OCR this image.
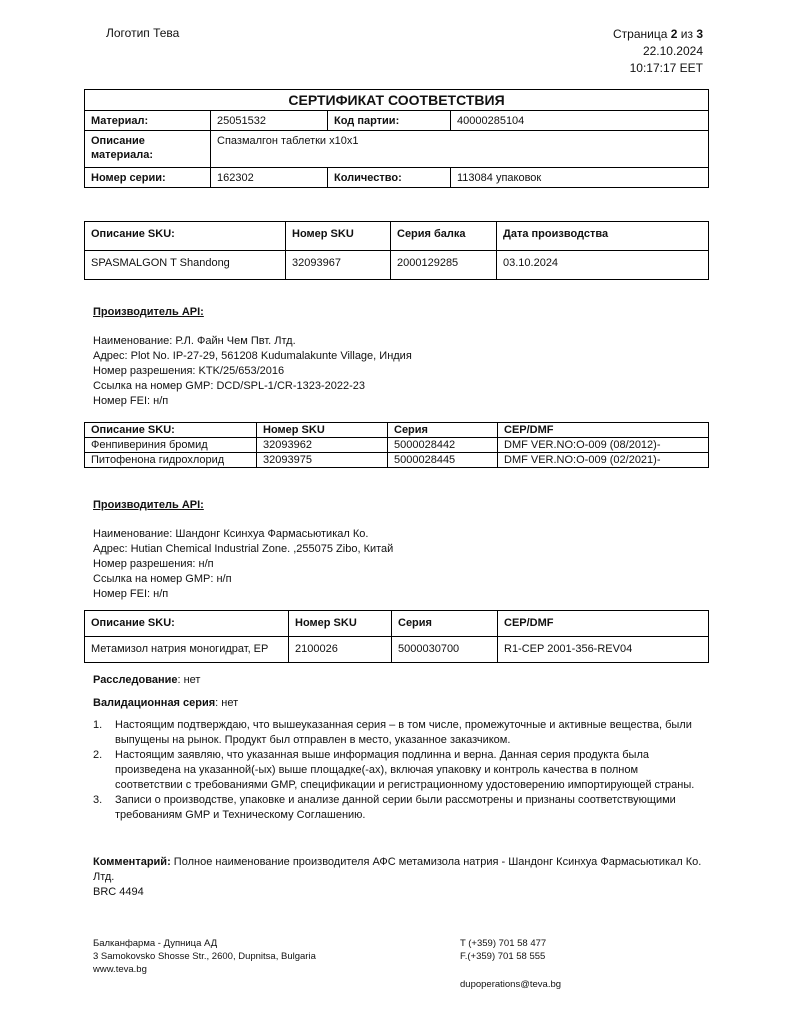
Логотип Тева	Страница 2 из 3
22.10.2024
10:17:17 EET
СЕРТИФИКАТ СООТВЕТСТВИЯ			
Материал:	25051532	Код партии:	40000285104
Описание материала:	Спазмалгон таблетки x10x1		
Номер серии:	162302	Количество:	113084 упаковок
Описание SKU:	Номер SKU	Серия балка	Дата производства
SPASMALGON T Shandong	32093967	2000129285	03.10.2024
Производитель API:
Наименование: Р.Л. Файн Чем Пвт. Лтд.
Адрес: Plot No. IP-27-29, 561208 Kudumalakunte Village, Индия
Номер разрешения: KTK/25/653/2016
Ссылка на номер GMP: DCD/SPL-1/CR-1323-2022-23
Номер FEI: н/п
Описание SKU:	Номер SKU	Серия	CEP/DMF
Фенпивериния бромид	32093962	5000028442	DMF VER.NO:O-009 (08/2012)-
Питофенона гидрохлорид	32093975	5000028445	DMF VER.NO:O-009 (02/2021)-
Производитель API:
Наименование: Шандонг Ксинхуа Фармасьютикал Ко.
Адрес: Hutian Chemical Industrial Zone. ,255075 Zibo, Китай
Номер разрешения: н/п
Ссылка на номер GMP: н/п
Номер FEI: н/п
Описание SKU:	Номер SKU	Серия	CEP/DMF
Метамизол натрия моногидрат, EP	2100026	5000030700	R1-CEP 2001-356-REV04
Расследование: нет
Валидационная серия: нет
1. Настоящим подтверждаю, что вышеуказанная серия – в том числе, промежуточные и активные вещества, были выпущены на рынок. Продукт был отправлен в место, указанное заказчиком.
2. Настоящим заявляю, что указанная выше информация подлинна и верна. Данная серия продукта была произведена на указанной(-ых) выше площадке(-ах), включая упаковку и контроль качества в полном соответствии с требованиями GMP, спецификации и регистрационному удостоверению импортирующей страны.
3. Записи о производстве, упаковке и анализе данной серии были рассмотрены и признаны соответствующими требованиям GMP и Техническому Соглашению.
Комментарий: Полное наименование производителя АФС метамизола натрия - Шандонг Ксинхуа Фармасьютикал Ко. Лтд.
BRC 4494
Балканфарма - Дупница АД
3 Samokovsko Shosse Str., 2600, Dupnitsa, Bulgaria
www.teva.bg
T (+359) 701 58 477
F.(+359) 701 58 555
dupoperations@teva.bg
